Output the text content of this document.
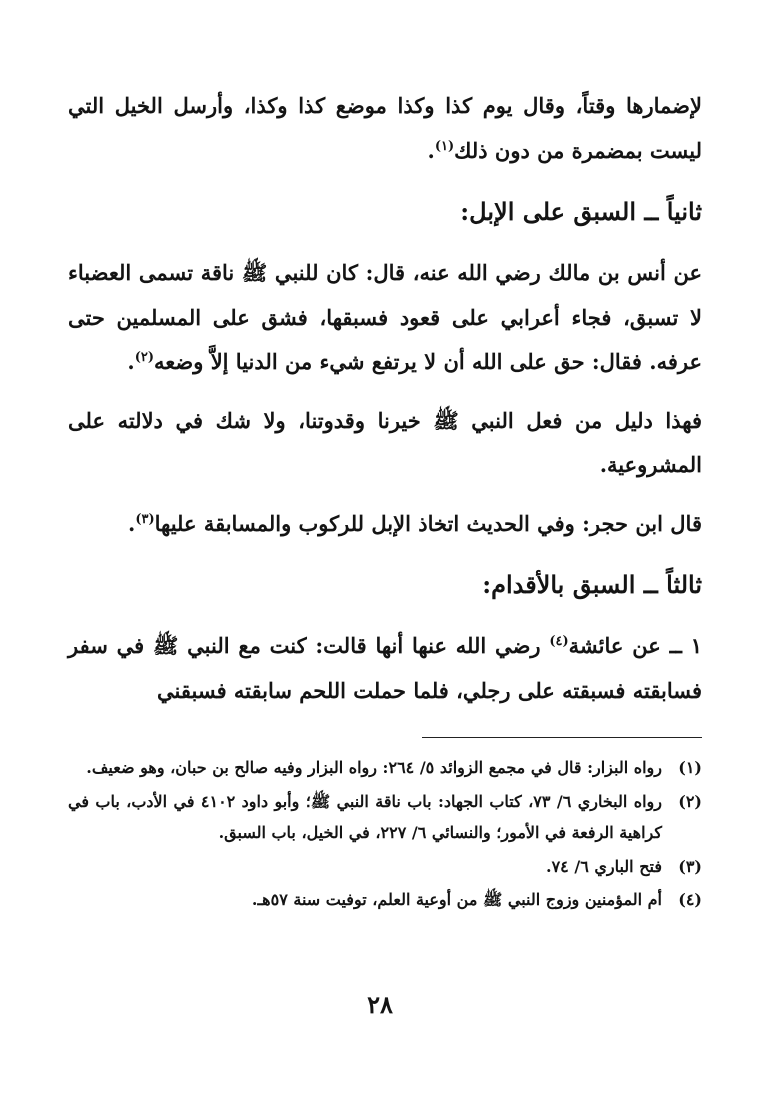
لإضمارها وقتاً، وقال يوم كذا وكذا موضع كذا وكذا، وأرسل الخيل التي ليست بمضمرة من دون ذلك$^{(١)}$.

ثانياً ــ السبق على الإبل:

عن أنس بن مالك رضي الله عنه، قال: كان للنبي ﷺ ناقة تسمى العضباء لا تسبق، فجاء أعرابي على قعود فسبقها، فشق على المسلمين حتى عرفه. فقال: حق على الله أن لا يرتفع شيء من الدنيا إلاَّ وضعه$^{(٢)}$.

فهذا دليل من فعل النبي ﷺ خيرنا وقدوتنا، ولا شك في دلالته على المشروعية.

قال ابن حجر: وفي الحديث اتخاذ الإبل للركوب والمسابقة عليها$^{(٣)}$.

ثالثاً ــ السبق بالأقدام:

١ ــ عن عائشة$^{(٤)}$ رضي الله عنها أنها قالت: كنت مع النبي ﷺ في سفر فسابقته فسبقته على رجلي، فلما حملت اللحم سابقته فسبقني

(١)
رواه البزار: قال في مجمع الزوائد ٥/ ٢٦٤: رواه البزار وفيه صالح بن حبان، وهو ضعيف.
(٢)
رواه البخاري ٦/ ٧٣، كتاب الجهاد: باب ناقة النبي ﷺ؛ وأبو داود ٤١٠٢ في الأدب، باب في كراهية الرفعة في الأمور؛ والنسائي ٦/ ٢٢٧، في الخيل، باب السبق.
(٣)
فتح الباري ٦/ ٧٤.
(٤)
أم المؤمنين وزوج النبي ﷺ من أوعية العلم، توفيت سنة ٥٧هـ.
٢٨
